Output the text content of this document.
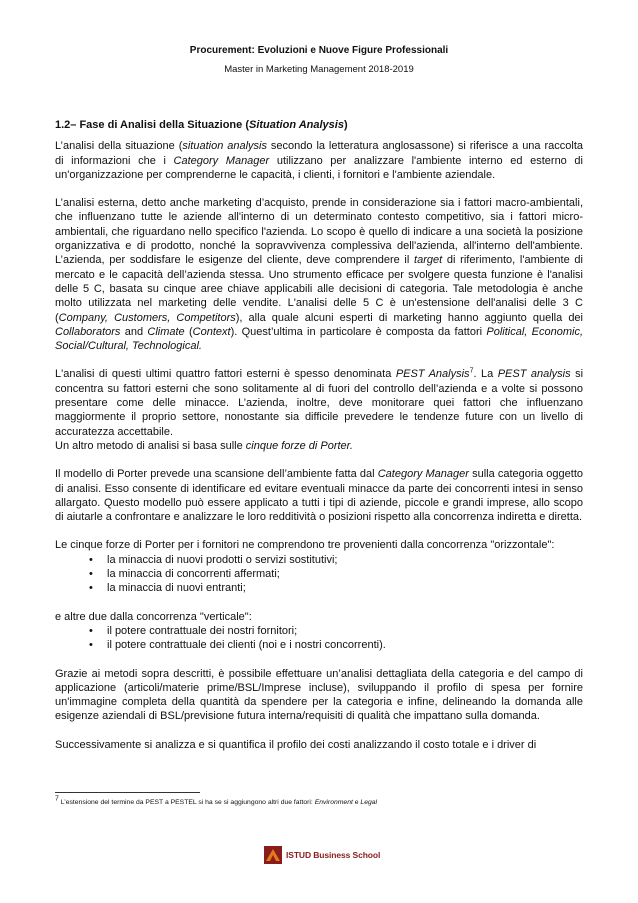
Procurement: Evoluzioni e Nuove Figure Professionali
Master in Marketing Management 2018-2019
1.2– Fase di Analisi della Situazione (Situation Analysis)

L’analisi della situazione (situation analysis secondo la letteratura anglosassone) si riferisce a una raccolta di informazioni che i Category Manager utilizzano per analizzare l'ambiente interno ed esterno di un'organizzazione per comprenderne le capacità, i clienti, i fornitori e l'ambiente aziendale.

L’analisi esterna, detto anche marketing d’acquisto, prende in considerazione sia i fattori macro-ambientali, che influenzano tutte le aziende all'interno di un determinato contesto competitivo, sia i fattori micro-ambientali, che riguardano nello specifico l'azienda. Lo scopo è quello di indicare a una società la posizione organizzativa e di prodotto, nonché la sopravvivenza complessiva dell'azienda, all'interno dell'ambiente. L’azienda, per soddisfare le esigenze del cliente, deve comprendere il target di riferimento, l'ambiente di mercato e le capacità dell’azienda stessa. Uno strumento efficace per svolgere questa funzione è l'analisi delle 5 C, basata su cinque aree chiave applicabili alle decisioni di categoria. Tale metodologia è anche molto utilizzata nel marketing delle vendite. L'analisi delle 5 C è un'estensione dell'analisi delle 3 C (Company, Customers, Competitors), alla quale alcuni esperti di marketing hanno aggiunto quella dei Collaborators and Climate (Context). Quest’ultima in particolare è composta da fattori Political, Economic, Social/Cultural, Technological.

L'analisi di questi ultimi quattro fattori esterni è spesso denominata PEST Analysis$^7$. La PEST analysis si concentra su fattori esterni che sono solitamente al di fuori del controllo dell’azienda e a volte si possono presentare come delle minacce. L’azienda, inoltre, deve monitorare quei fattori che influenzano maggiormente il proprio settore, nonostante sia difficile prevedere le tendenze future con un livello di accuratezza accettabile.

Un altro metodo di analisi si basa sulle cinque forze di Porter.

Il modello di Porter prevede una scansione dell’ambiente fatta dal Category Manager sulla categoria oggetto di analisi. Esso consente di identificare ed evitare eventuali minacce da parte dei concorrenti intesi in senso allargato. Questo modello può essere applicato a tutti i tipi di aziende, piccole e grandi imprese, allo scopo di aiutarle a confrontare e analizzare le loro redditività o posizioni rispetto alla concorrenza indiretta e diretta.

Le cinque forze di Porter per i fornitori ne comprendono tre provenienti dalla concorrenza "orizzontale":

• la minaccia di nuovi prodotti o servizi sostitutivi;
• la minaccia di concorrenti affermati;
• la minaccia di nuovi entranti;

e altre due dalla concorrenza "verticale":

• il potere contrattuale dei nostri fornitori;
• il potere contrattuale dei clienti (noi e i nostri concorrenti).

Grazie ai metodi sopra descritti, è possibile effettuare un’analisi dettagliata della categoria e del campo di applicazione (articoli/materie prime/BSL/Imprese incluse), sviluppando il profilo di spesa per fornire un'immagine completa della quantità da spendere per la categoria e infine, delineando la domanda alle esigenze aziendali di BSL/previsione futura interna/requisiti di qualità che impattano sulla domanda.

Successivamente si analizza e si quantifica il profilo dei costi analizzando il costo totale e i driver di

$^7$ L’estensione del termine da PEST a PESTEL si ha se si aggiungono altri due fattori: Environment e Legal
ISTUD Business School
